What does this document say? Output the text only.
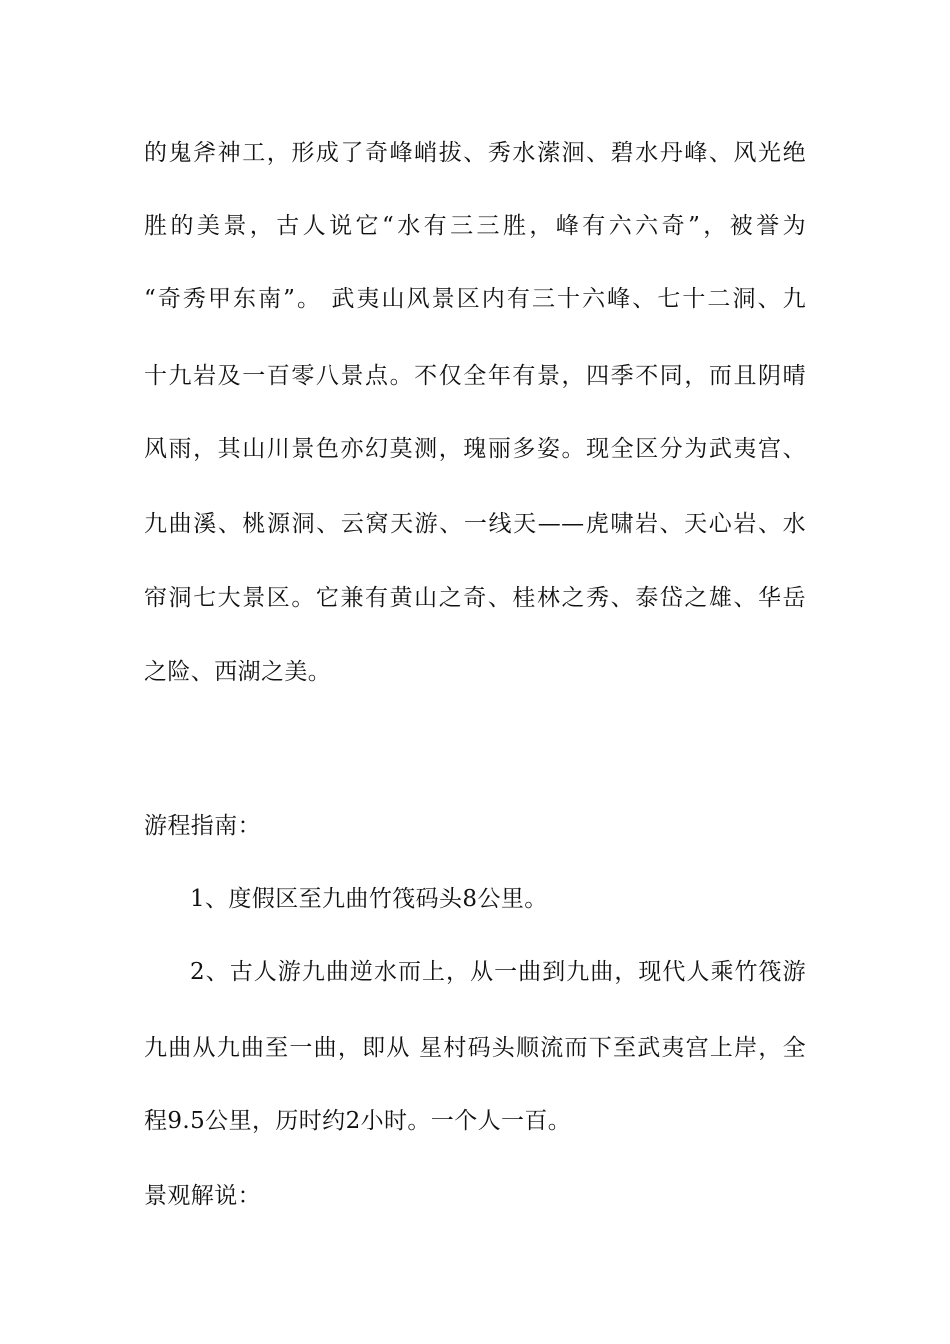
的鬼斧神工，形成了奇峰峭拔、秀水潆洄、碧水丹峰、风光绝
胜的美景，古人说它“水有三三胜，峰有六六奇”，被誉为
“奇秀甲东南”。 武夷山风景区内有三十六峰、七十二洞、九
十九岩及一百零八景点。不仅全年有景，四季不同，而且阴晴
风雨，其山川景色亦幻莫测，瑰丽多姿。现全区分为武夷宫、
九曲溪、桃源洞、云窝天游、一线天——虎啸岩、天心岩、水
帘洞七大景区。它兼有黄山之奇、桂林之秀、泰岱之雄、华岳
之险、西湖之美。
游程指南：
1、度假区至九曲竹筏码头8公里。
2、古人游九曲逆水而上，从一曲到九曲，现代人乘竹筏游
九曲从九曲至一曲，即从 星村码头顺流而下至武夷宫上岸，全
程9.5公里，历时约2小时。一个人一百。
景观解说：
